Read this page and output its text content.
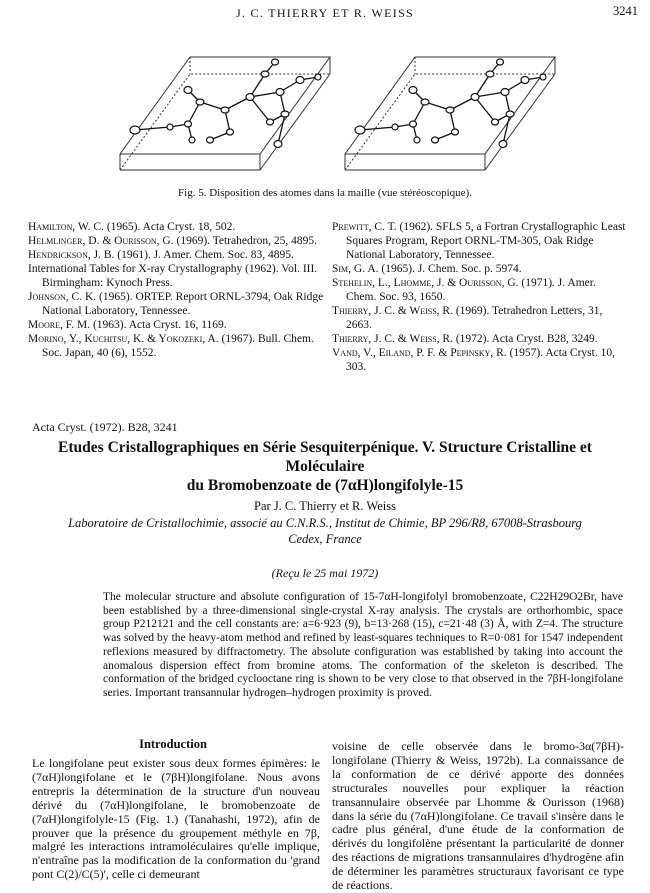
J. C. THIERRY ET R. WEISS	3241
Fig. 5. Disposition des atomes dans la maille (vue stéréoscopique).

Hamilton, W. C. (1965). Acta Cryst. 18, 502.

Helmlinger, D. & Ourisson, G. (1969). Tetrahedron, 25, 4895.

Hendrickson, J. B. (1961). J. Amer. Chem. Soc. 83, 4895.

International Tables for X-ray Crystallography (1962). Vol. III. Birmingham: Kynoch Press.

Johnson, C. K. (1965). ORTEP. Report ORNL-3794, Oak Ridge National Laboratory, Tennessee.

Moore, F. M. (1963). Acta Cryst. 16, 1169.

Morino, Y., Kuchitsu, K. & Yokozeki, A. (1967). Bull. Chem. Soc. Japan, 40 (6), 1552.

Prewitt, C. T. (1962). SFLS 5, a Fortran Crystallographic Least Squares Program, Report ORNL-TM-305, Oak Ridge National Laboratory, Tennessee.

Sim, G. A. (1965). J. Chem. Soc. p. 5974.

Stehelin, L., Lhomme, J. & Ourisson, G. (1971). J. Amer. Chem. Soc. 93, 1650.

Thierry, J. C. & Weiss, R. (1969). Tetrahedron Letters, 31, 2663.

Thierry, J. C. & Weiss, R. (1972). Acta Cryst. B28, 3249.

Vand, V., Eiland, P. F. & Pepinsky, R. (1957). Acta Cryst. 10, 303.

Acta Cryst. (1972). B28, 3241
Etudes Cristallographiques en Série Sesquiterpénique. V. Structure Cristalline et Moléculaire
du Bromobenzoate de (7αH)longifolyle-15
Par J. C. Thierry et R. Weiss
Laboratoire de Cristallochimie, associé au C.N.R.S., Institut de Chimie, BP 296/R8, 67008-Strasbourg
Cedex, France
(Reçu le 25 mai 1972)
The molecular structure and absolute configuration of 15-7αH-longifolyl bromobenzoate, C22H29O2Br, have been established by a three-dimensional single-crystal X-ray analysis. The crystals are orthorhombic, space group P212121 and the cell constants are: a=6·923 (9), b=13·268 (15), c=21·48 (3) Å, with Z=4. The structure was solved by the heavy-atom method and refined by least-squares techniques to R=0·081 for 1547 independent reflexions measured by diffractometry. The absolute configuration was established by taking into account the anomalous dispersion effect from bromine atoms. The conformation of the skeleton is described. The conformation of the bridged cyclooctane ring is shown to be very close to that observed in the 7βH-longifolane series. Important transannular hydrogen–hydrogen proximity is proved.
Introduction

Le longifolane peut exister sous deux formes épimères: le (7αH)longifolane et le (7βH)longifolane. Nous avons entrepris la détermination de la structure d'un nouveau dérivé du (7αH)longifolane, le bromobenzoate de (7αH)longifolyle-15 (Fig. 1.) (Tanahashi, 1972), afin de prouver que la présence du groupement méthyle en 7β, malgré les interactions intramoléculaires qu'elle implique, n'entraîne pas la modification de la conformation du 'grand pont C(2)/C(5)', celle ci demeurant

voisine de celle observée dans le bromo-3α(7βH)-longifolane (Thierry & Weiss, 1972b). La connaissance de la conformation de ce dérivé apporte des données structurales nouvelles pour expliquer la réaction transannulaire observée par Lhomme & Ourisson (1968) dans la série du (7αH)longifolane. Ce travail s'insère dans le cadre plus général, d'une étude de la conformation de dérivés du longifolène présentant la particularité de donner des réactions de migrations transannulaires d'hydrogène afin de déterminer les paramètres structuraux favorisant ce type de réactions.
